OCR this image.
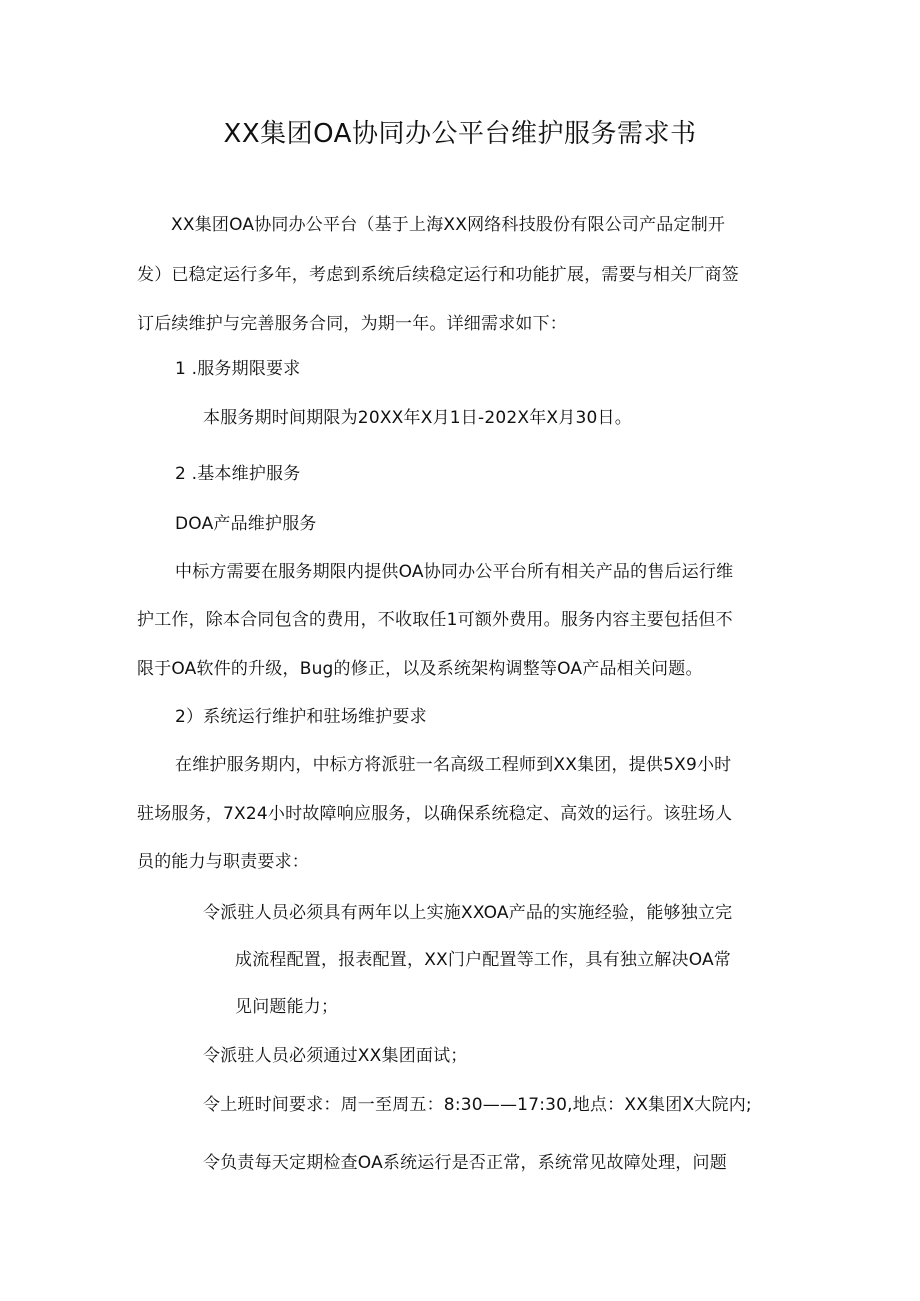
XX集团OA协同办公平台维护服务需求书
XX集团OA协同办公平台（基于上海XX网络科技股份有限公司产品定制开
发）已稳定运行多年，考虑到系统后续稳定运行和功能扩展，需要与相关厂商签
订后续维护与完善服务合同，为期一年。详细需求如下：
1 .服务期限要求
本服务期时间期限为20XX年X月1日-202X年X月30日。
2 .基本维护服务
DOA产品维护服务
中标方需要在服务期限内提供OA协同办公平台所有相关产品的售后运行维
护工作，除本合同包含的费用，不收取任1可额外费用。服务内容主要包括但不
限于OA软件的升级，Bug的修正，以及系统架构调整等OA产品相关问题。
2）系统运行维护和驻场维护要求
在维护服务期内，中标方将派驻一名高级工程师到XX集团，提供5X9小时
驻场服务，7X24小时故障响应服务，以确保系统稳定、高效的运行。该驻场人
员的能力与职责要求：
令派驻人员必须具有两年以上实施XXOA产品的实施经验，能够独立完
成流程配置，报表配置，XX门户配置等工作，具有独立解决OA常
见问题能力；
令派驻人员必须通过XX集团面试；
令上班时间要求：周一至周五：8:30——17:30,地点：XX集团X大院内;
令负责每天定期检查OA系统运行是否正常，系统常见故障处理，问题
